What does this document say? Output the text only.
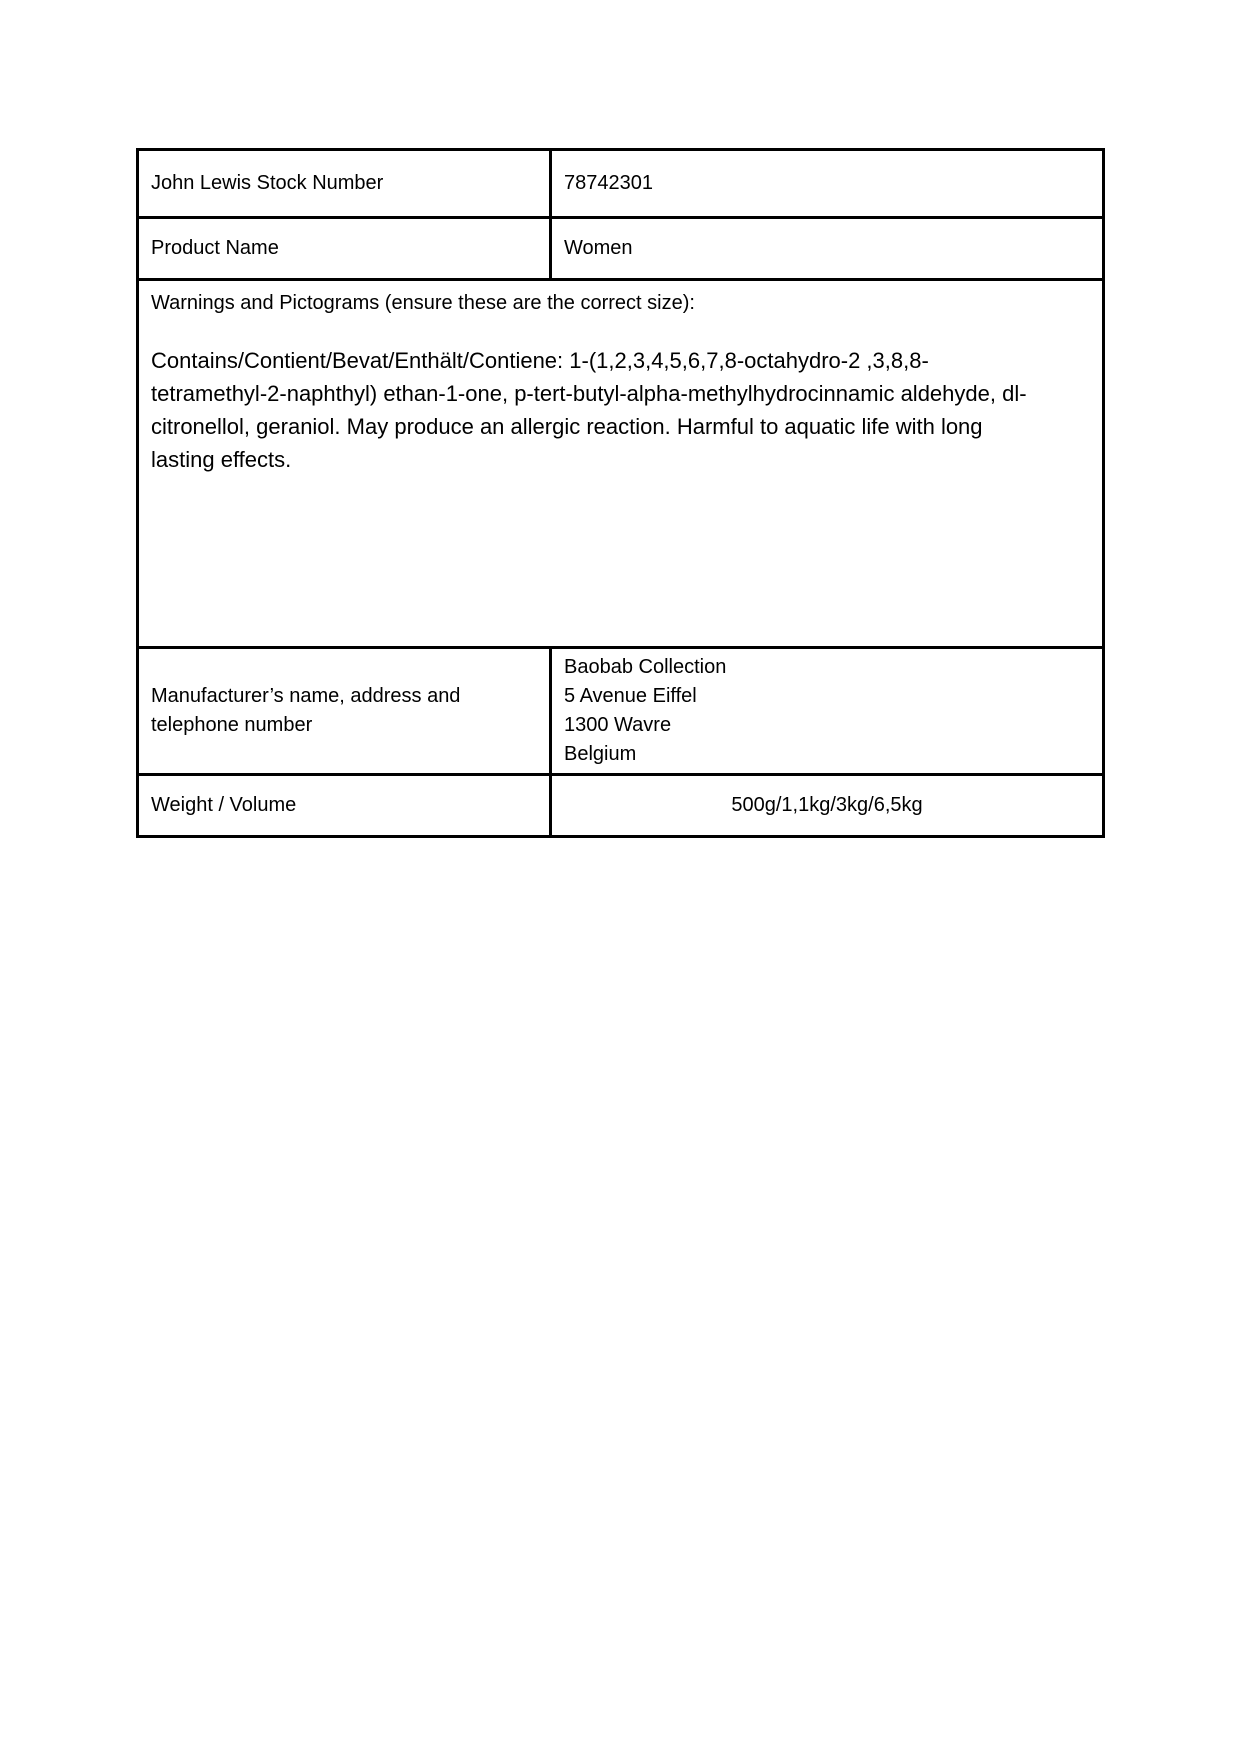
John Lewis Stock Number	78742301
Product Name	Women

Warnings and Pictograms (ensure these are the correct size):
Contains/Contient/Bevat/Enthält/Contiene: 1-(1,2,3,4,5,6,7,8-octahydro-2 ,3,8,8-tetramethyl-2-naphthyl) ethan-1-one, p-tert-butyl-alpha-methylhydrocinnamic aldehyde, dl-citronellol, geraniol. May produce an allergic reaction. Harmful to aquatic life with long lasting effects.	

Manufacturer’s name, address and telephone number	Baobab Collection
5 Avenue Eiffel
1300 Wavre
Belgium

Weight / Volume	500g/1,1kg/3kg/6,5kg
